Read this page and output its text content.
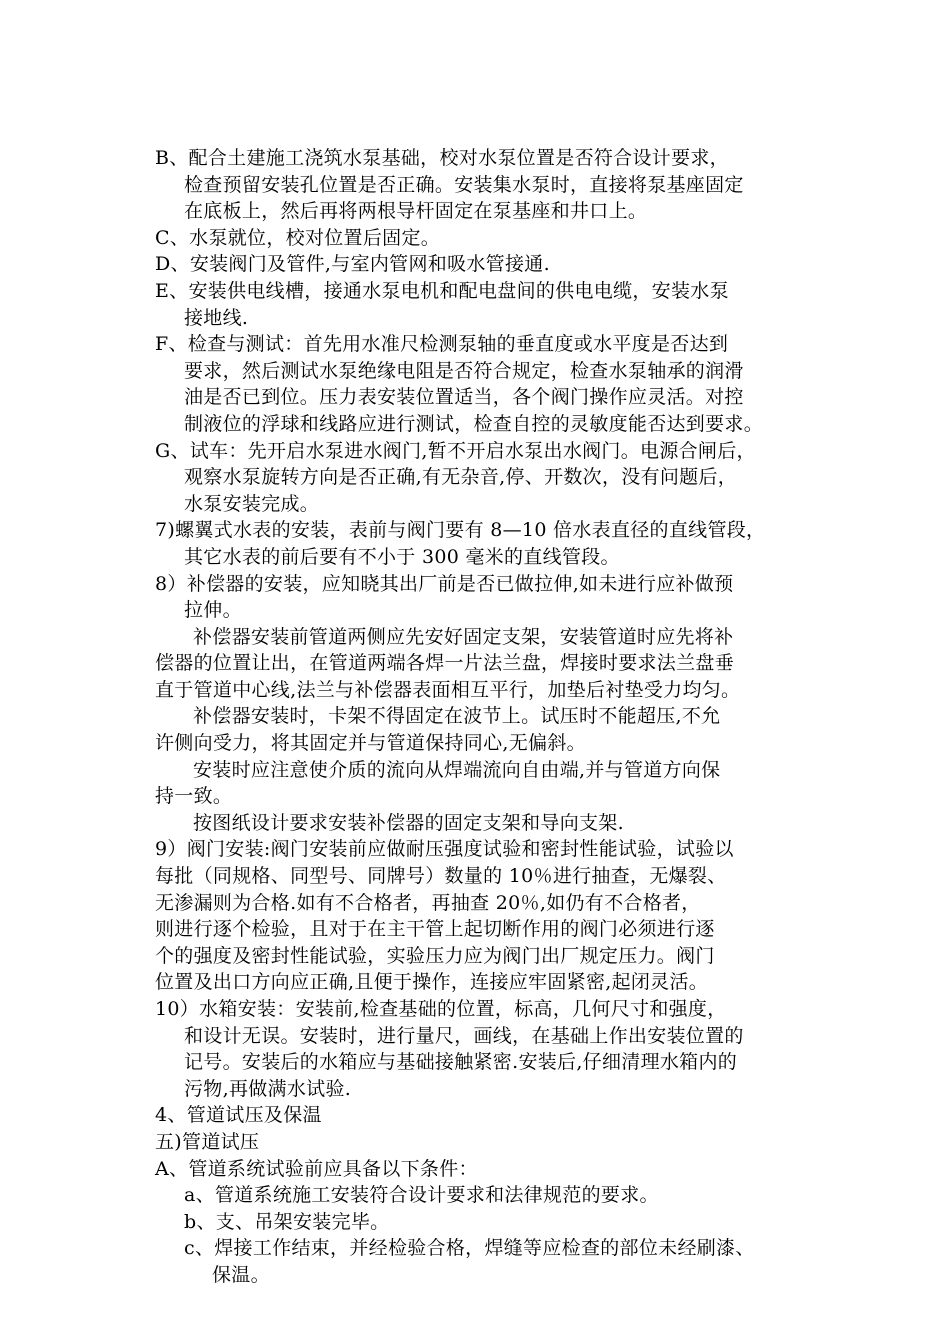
B、配合土建施工浇筑水泵基础，校对水泵位置是否符合设计要求，

检查预留安装孔位置是否正确。安装集水泵时，直接将泵基座固定

在底板上，然后再将两根导杆固定在泵基座和井口上。

C、水泵就位，校对位置后固定。

D、安装阀门及管件,与室内管网和吸水管接通.

E、安装供电线槽，接通水泵电机和配电盘间的供电电缆，安装水泵

接地线.

F、检查与测试：首先用水准尺检测泵轴的垂直度或水平度是否达到

要求，然后测试水泵绝缘电阻是否符合规定，检查水泵轴承的润滑

油是否已到位。压力表安装位置适当，各个阀门操作应灵活。对控

制液位的浮球和线路应进行测试，检查自控的灵敏度能否达到要求。

G、试车：先开启水泵进水阀门,暂不开启水泵出水阀门。电源合闸后，

观察水泵旋转方向是否正确,有无杂音,停、开数次，没有问题后，

水泵安装完成。

7)螺翼式水表的安装，表前与阀门要有 8—10 倍水表直径的直线管段，

其它水表的前后要有不小于 300 毫米的直线管段。

8）补偿器的安装，应知晓其出厂前是否已做拉伸,如未进行应补做预

拉伸。

补偿器安装前管道两侧应先安好固定支架，安装管道时应先将补

偿器的位置让出，在管道两端各焊一片法兰盘，焊接时要求法兰盘垂

直于管道中心线,法兰与补偿器表面相互平行，加垫后衬垫受力均匀。

补偿器安装时，卡架不得固定在波节上。试压时不能超压,不允

许侧向受力，将其固定并与管道保持同心,无偏斜。

安装时应注意使介质的流向从焊端流向自由端,并与管道方向保

持一致。

按图纸设计要求安装补偿器的固定支架和导向支架.

9）阀门安装:阀门安装前应做耐压强度试验和密封性能试验，试验以

每批（同规格、同型号、同牌号）数量的 10％进行抽查，无爆裂、

无渗漏则为合格.如有不合格者，再抽查 20％,如仍有不合格者，

则进行逐个检验，且对于在主干管上起切断作用的阀门必须进行逐

个的强度及密封性能试验，实验压力应为阀门出厂规定压力。阀门

位置及出口方向应正确,且便于操作，连接应牢固紧密,起闭灵活。

10）水箱安装：安装前,检查基础的位置，标高，几何尺寸和强度，

和设计无误。安装时，进行量尺，画线，在基础上作出安装位置的

记号。安装后的水箱应与基础接触紧密.安装后,仔细清理水箱内的

污物,再做满水试验.

4、管道试压及保温

五)管道试压

A、管道系统试验前应具备以下条件：

a、管道系统施工安装符合设计要求和法律规范的要求。

b、支、吊架安装完毕。

c、焊接工作结束，并经检验合格，焊缝等应检查的部位未经刷漆、

保温。
